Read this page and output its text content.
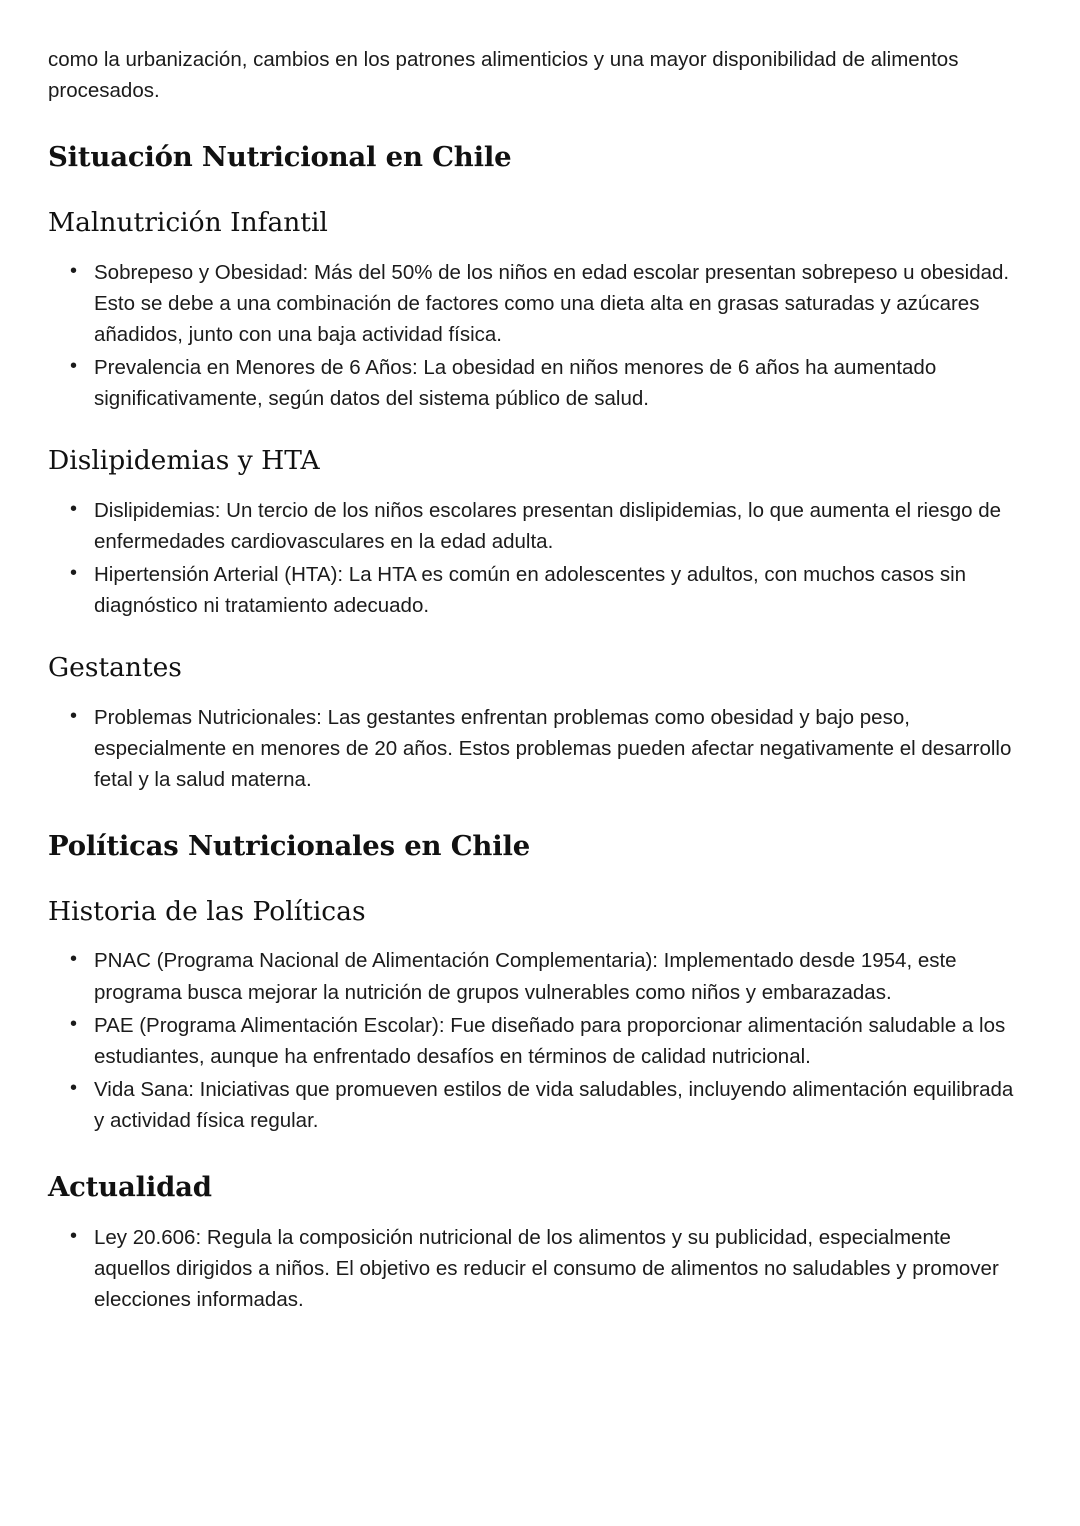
como la urbanización, cambios en los patrones alimenticios y una mayor disponibilidad de alimentos procesados.

Situación Nutricional en Chile
Malnutrición Infantil
• Sobrepeso y Obesidad: Más del 50% de los niños en edad escolar presentan sobrepeso u obesidad. Esto se debe a una combinación de factores como una dieta alta en grasas saturadas y azúcares añadidos, junto con una baja actividad física.
• Prevalencia en Menores de 6 Años: La obesidad en niños menores de 6 años ha aumentado significativamente, según datos del sistema público de salud.
Dislipidemias y HTA
• Dislipidemias: Un tercio de los niños escolares presentan dislipidemias, lo que aumenta el riesgo de enfermedades cardiovasculares en la edad adulta.
• Hipertensión Arterial (HTA): La HTA es común en adolescentes y adultos, con muchos casos sin diagnóstico ni tratamiento adecuado.
Gestantes
• Problemas Nutricionales: Las gestantes enfrentan problemas como obesidad y bajo peso, especialmente en menores de 20 años. Estos problemas pueden afectar negativamente el desarrollo fetal y la salud materna.
Políticas Nutricionales en Chile
Historia de las Políticas
• PNAC (Programa Nacional de Alimentación Complementaria): Implementado desde 1954, este programa busca mejorar la nutrición de grupos vulnerables como niños y embarazadas.
• PAE (Programa Alimentación Escolar): Fue diseñado para proporcionar alimentación saludable a los estudiantes, aunque ha enfrentado desafíos en términos de calidad nutricional.
• Vida Sana: Iniciativas que promueven estilos de vida saludables, incluyendo alimentación equilibrada y actividad física regular.
Actualidad
• Ley 20.606: Regula la composición nutricional de los alimentos y su publicidad, especialmente aquellos dirigidos a niños. El objetivo es reducir el consumo de alimentos no saludables y promover elecciones informadas.
